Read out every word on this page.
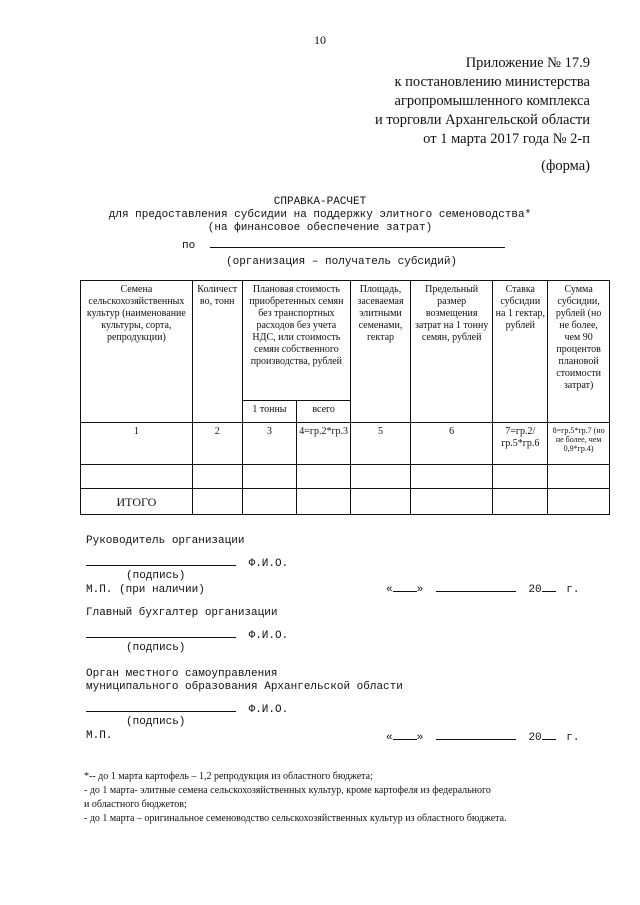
10
Приложение № 17.9
к постановлению министерства
агропромышленного комплекса
и торговли Архангельской области
от 1 марта 2017 года № 2-п
(форма)
СПРАВКА-РАСЧЕТ
для предоставления субсидии на поддержку элитного семеноводства*
(на финансовое обеспечение затрат)
по
(организация – получатель субсидий)
Семена сельскохозяйственных культур (наименование культуры, сорта, репродукции)	Количест во, тонн	Плановая стоимость приобретенных семян без транспортных расходов без учета НДС, или стоимость семян собственного производства, рублей		Площадь, засеваемая элитными семенами, гектар	Предельный размер возмещения затрат на 1 тонну семян, рублей	Ставка субсидии на 1 гектар, рублей	Сумма субсидии, рублей (но не более, чем 90 процентов плановой стоимости затрат)
		1 тонны	всего				
1	2	3	4=гр.2*гр.3	5	6	7=гр.2/гр.5*гр.6	8=гр.5*гр.7 (но не более, чем 0,9*гр.4)

ИТОГО							
Руководитель организации
Ф.И.О.
(подпись)
М.П. (при наличии)	« »	20 г.
Главный бухгалтер организации
Ф.И.О.
(подпись)
Орган местного самоуправления
муниципального образования Архангельской области
Ф.И.О.
(подпись)
М.П.	« »	20 г.
*-- до 1 марта картофель – 1,2 репродукция из областного бюджета;
- до 1 марта- элитные семена сельскохозяйственных культур, кроме картофеля из федерального
и областного бюджетов;
- до 1 марта – оригинальное семеноводство сельскохозяйственных культур из областного бюджета.
